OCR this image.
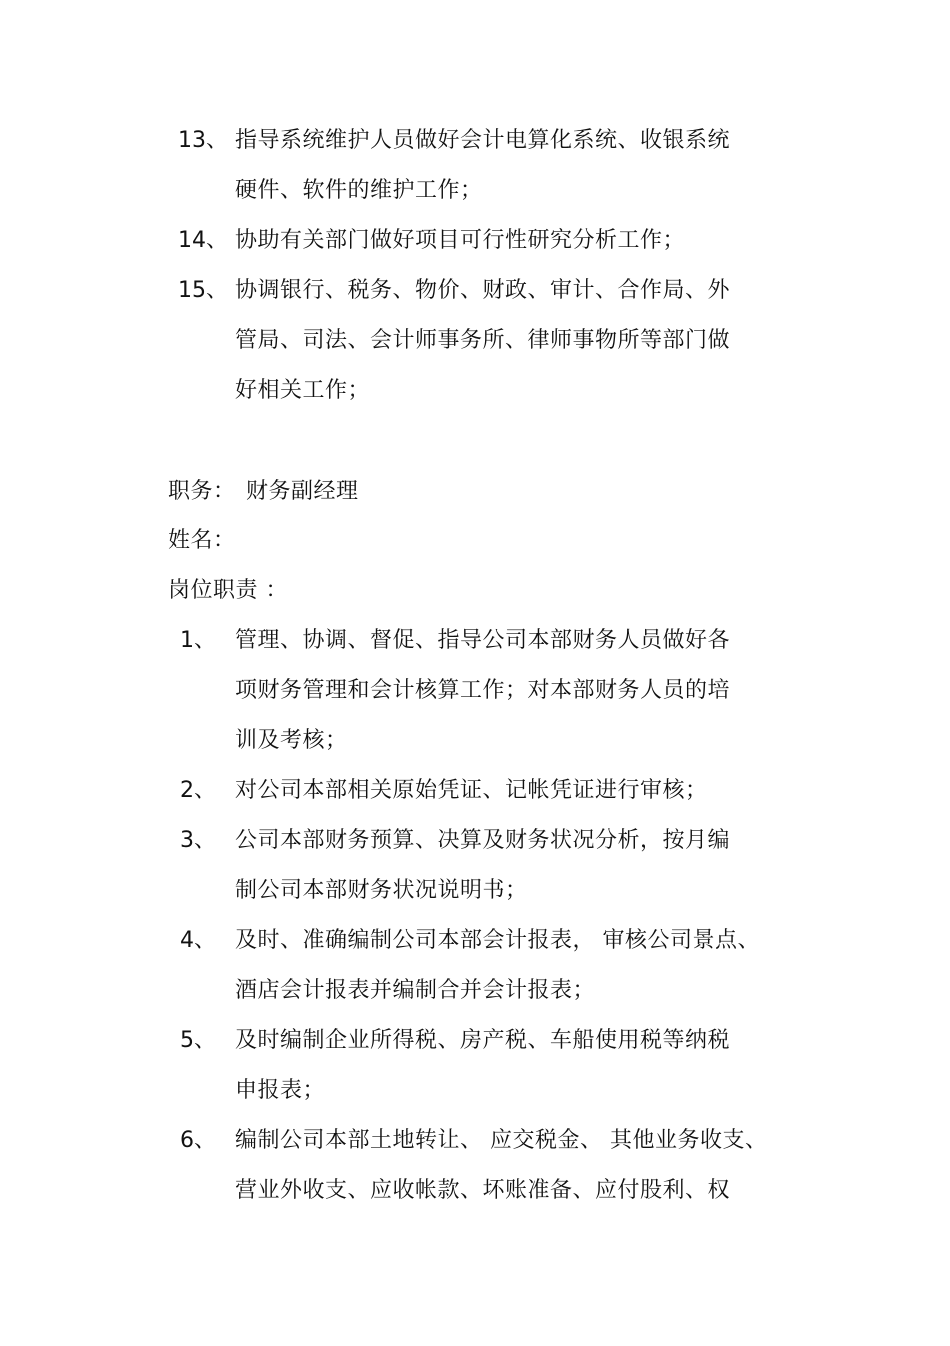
13、 指导系统维护人员做好会计电算化系统、收银系统
硬件、软件的维护工作；
14、 协助有关部门做好项目可行性研究分析工作；
15、 协调银行、税务、物价、财政、审计、合作局、外
管局、司法、会计师事务所、律师事物所等部门做
好相关工作；
职务： 财务副经理
姓名：
岗位职责 ：
1、 管理、协调、督促、指导公司本部财务人员做好各
项财务管理和会计核算工作；对本部财务人员的培
训及考核；
2、 对公司本部相关原始凭证、记帐凭证进行审核；
3、 公司本部财务预算、决算及财务状况分析，按月编
制公司本部财务状况说明书；
4、 及时、准确编制公司本部会计报表， 审核公司景点、
酒店会计报表并编制合并会计报表；
5、 及时编制企业所得税、房产税、车船使用税等纳税
申报表；
6、 编制公司本部土地转让、 应交税金、 其他业务收支、
营业外收支、应收帐款、坏账准备、应付股利、权
